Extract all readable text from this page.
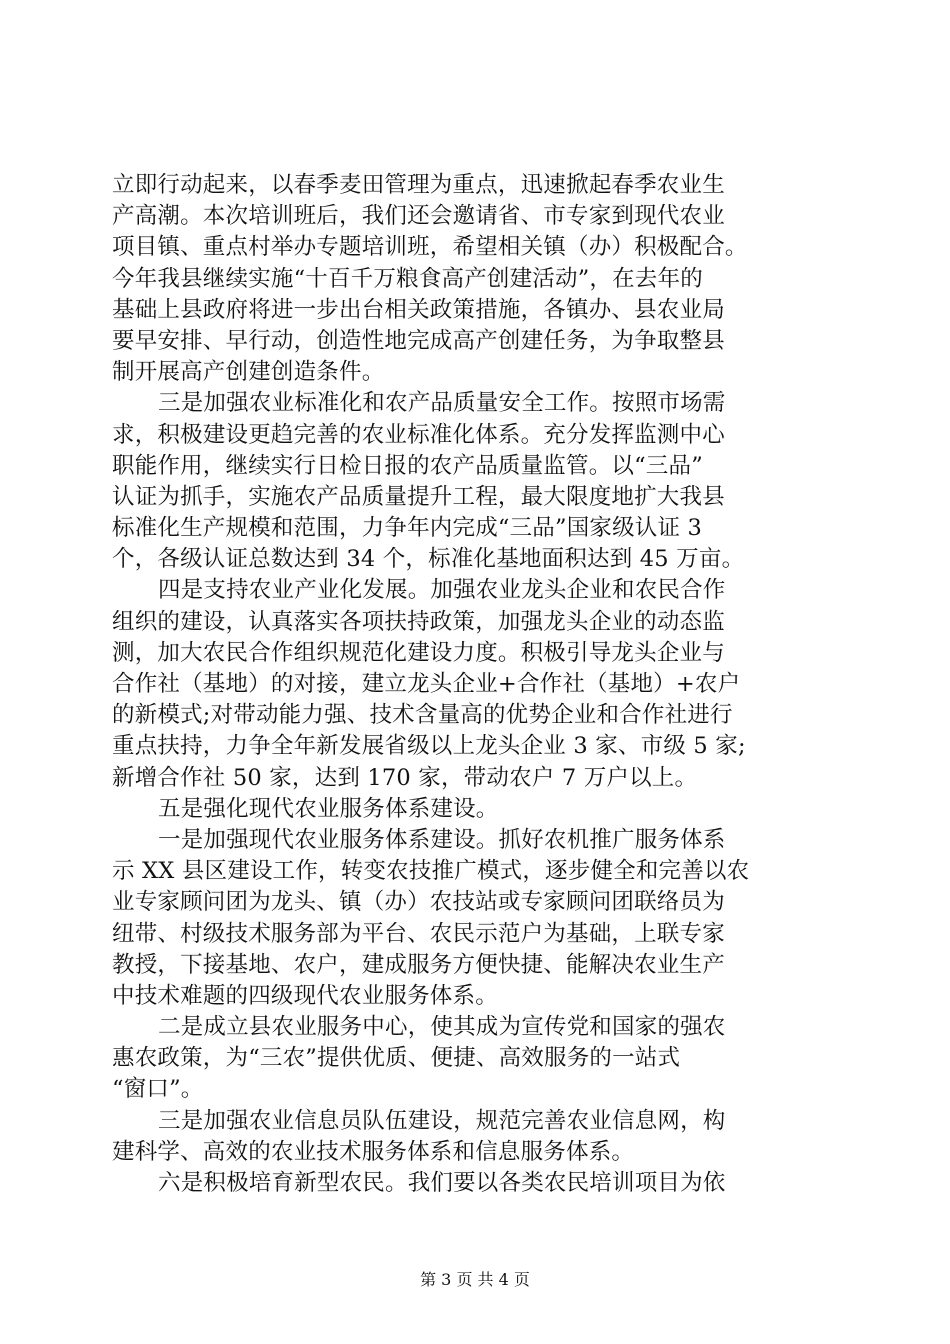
立即行动起来，以春季麦田管理为重点，迅速掀起春季农业生
产高潮。本次培训班后，我们还会邀请省、市专家到现代农业
项目镇、重点村举办专题培训班，希望相关镇（办）积极配合。
今年我县继续实施“十百千万粮食高产创建活动”，在去年的
基础上县政府将进一步出台相关政策措施，各镇办、县农业局
要早安排、早行动，创造性地完成高产创建任务，为争取整县
制开展高产创建创造条件。
三是加强农业标准化和农产品质量安全工作。按照市场需
求，积极建设更趋完善的农业标准化体系。充分发挥监测中心
职能作用，继续实行日检日报的农产品质量监管。以“三品”
认证为抓手，实施农产品质量提升工程，最大限度地扩大我县
标准化生产规模和范围，力争年内完成“三品”国家级认证 3
个，各级认证总数达到 34 个，标准化基地面积达到 45 万亩。
四是支持农业产业化发展。加强农业龙头企业和农民合作
组织的建设，认真落实各项扶持政策，加强龙头企业的动态监
测，加大农民合作组织规范化建设力度。积极引导龙头企业与
合作社（基地）的对接，建立龙头企业+合作社（基地）+农户
的新模式;对带动能力强、技术含量高的优势企业和合作社进行
重点扶持，力争全年新发展省级以上龙头企业 3 家、市级 5 家;
新增合作社 50 家，达到 170 家，带动农户 7 万户以上。
五是强化现代农业服务体系建设。
一是加强现代农业服务体系建设。抓好农机推广服务体系
示 XX 县区建设工作，转变农技推广模式，逐步健全和完善以农
业专家顾问团为龙头、镇（办）农技站或专家顾问团联络员为
纽带、村级技术服务部为平台、农民示范户为基础，上联专家
教授，下接基地、农户，建成服务方便快捷、能解决农业生产
中技术难题的四级现代农业服务体系。
二是成立县农业服务中心，使其成为宣传党和国家的强农
惠农政策，为“三农”提供优质、便捷、高效服务的一站式
“窗口”。
三是加强农业信息员队伍建设，规范完善农业信息网，构
建科学、高效的农业技术服务体系和信息服务体系。
六是积极培育新型农民。我们要以各类农民培训项目为依
第 3 页 共 4 页
